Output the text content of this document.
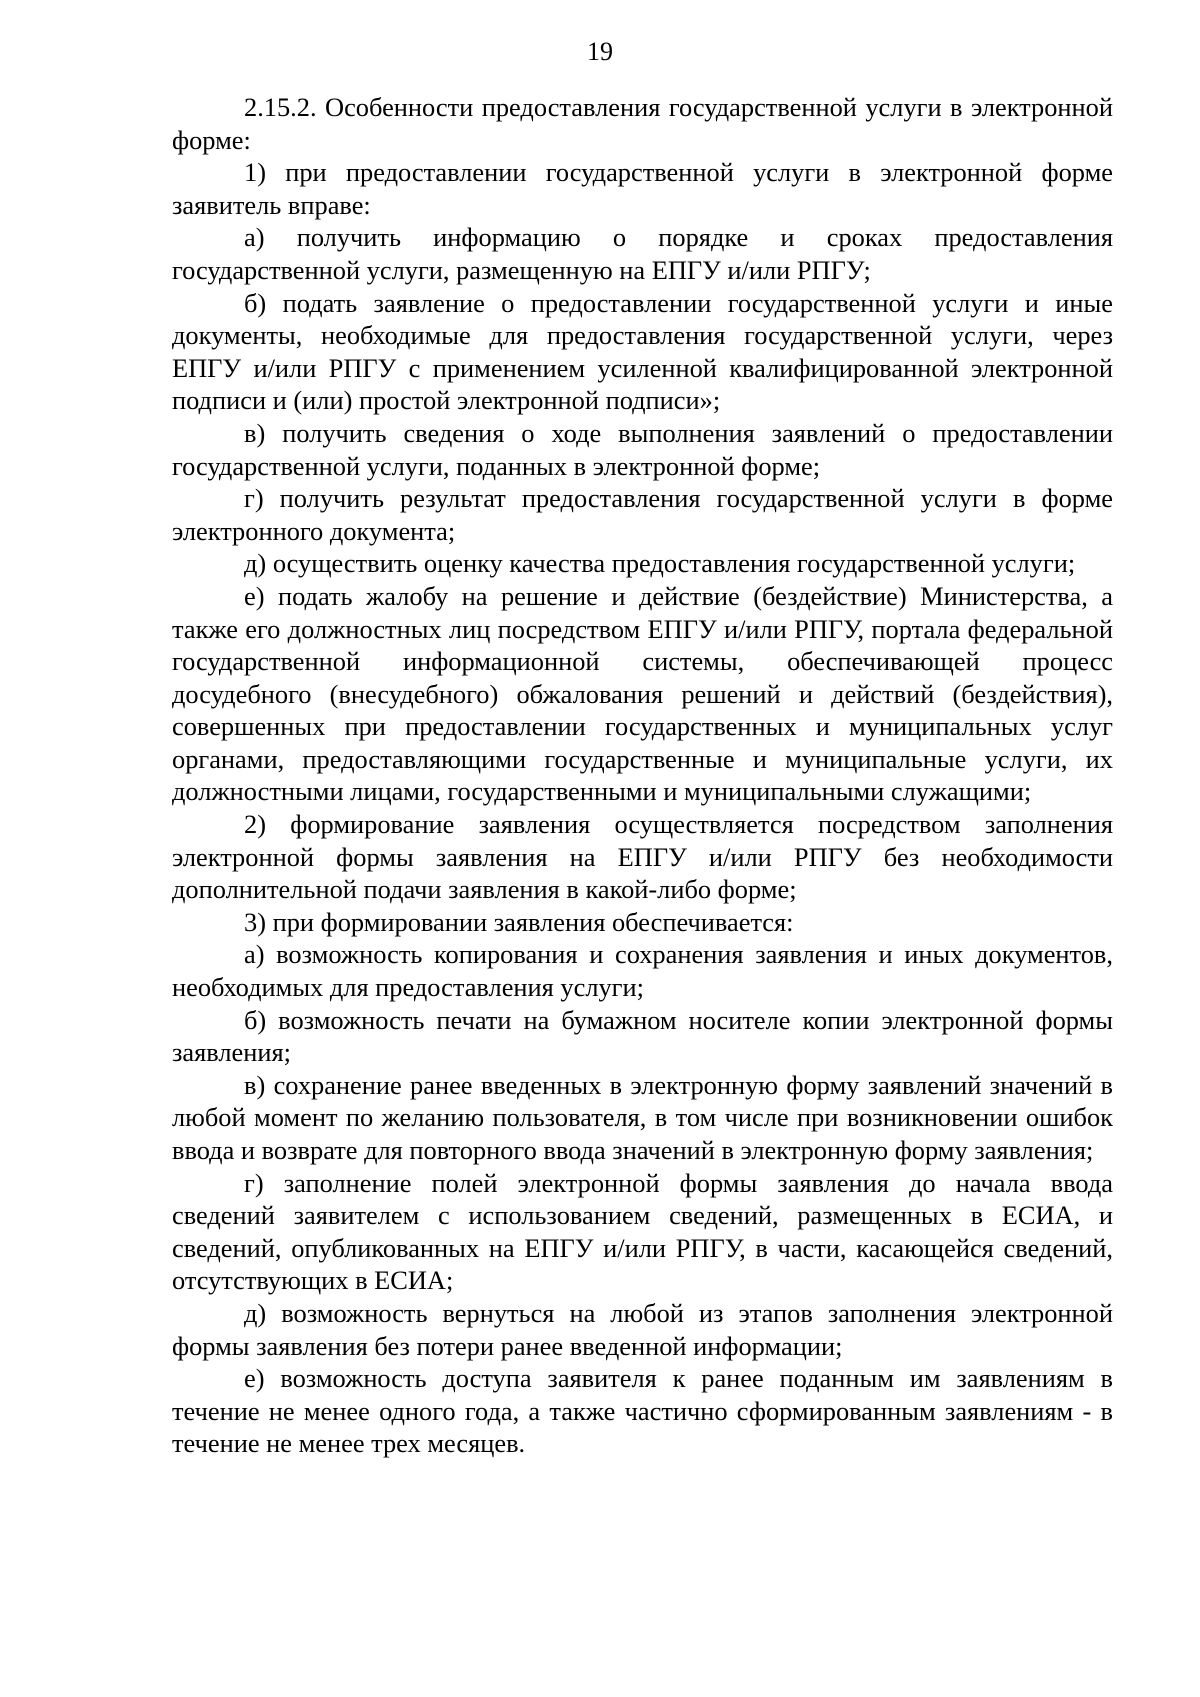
19

2.15.2. Особенности предоставления государственной услуги в электронной форме:

1) при предоставлении государственной услуги в электронной форме заявитель вправе:

а) получить информацию о порядке и сроках предоставления государственной услуги, размещенную на ЕПГУ и/или РПГУ;

б) подать заявление о предоставлении государственной услуги и иные документы, необходимые для предоставления государственной услуги, через ЕПГУ и/или РПГУ с применением усиленной квалифицированной электронной подписи и (или) простой электронной подписи»;

в) получить сведения о ходе выполнения заявлений о предоставлении государственной услуги, поданных в электронной форме;

г) получить результат предоставления государственной услуги в форме электронного документа;

д) осуществить оценку качества предоставления государственной услуги;

е) подать жалобу на решение и действие (бездействие) Министерства, а также его должностных лиц посредством ЕПГУ и/или РПГУ, портала федеральной государственной информационной системы, обеспечивающей процесс досудебного (внесудебного) обжалования решений и действий (бездействия), совершенных при предоставлении государственных и муниципальных услуг органами, предоставляющими государственные и муниципальные услуги, их должностными лицами, государственными и муниципальными служащими;

2) формирование заявления осуществляется посредством заполнения электронной формы заявления на ЕПГУ и/или РПГУ без необходимости дополнительной подачи заявления в какой-либо форме;

3) при формировании заявления обеспечивается:

а) возможность копирования и сохранения заявления и иных документов, необходимых для предоставления услуги;

б) возможность печати на бумажном носителе копии электронной формы заявления;

в) сохранение ранее введенных в электронную форму заявлений значений в любой момент по желанию пользователя, в том числе при возникновении ошибок ввода и возврате для повторного ввода значений в электронную форму заявления;

г) заполнение полей электронной формы заявления до начала ввода сведений заявителем с использованием сведений, размещенных в ЕСИА, и сведений, опубликованных на ЕПГУ и/или РПГУ, в части, касающейся сведений, отсутствующих в ЕСИА;

д) возможность вернуться на любой из этапов заполнения электронной формы заявления без потери ранее введенной информации;

е) возможность доступа заявителя к ранее поданным им заявлениям в течение не менее одного года, а также частично сформированным заявлениям - в течение не менее трех месяцев.
